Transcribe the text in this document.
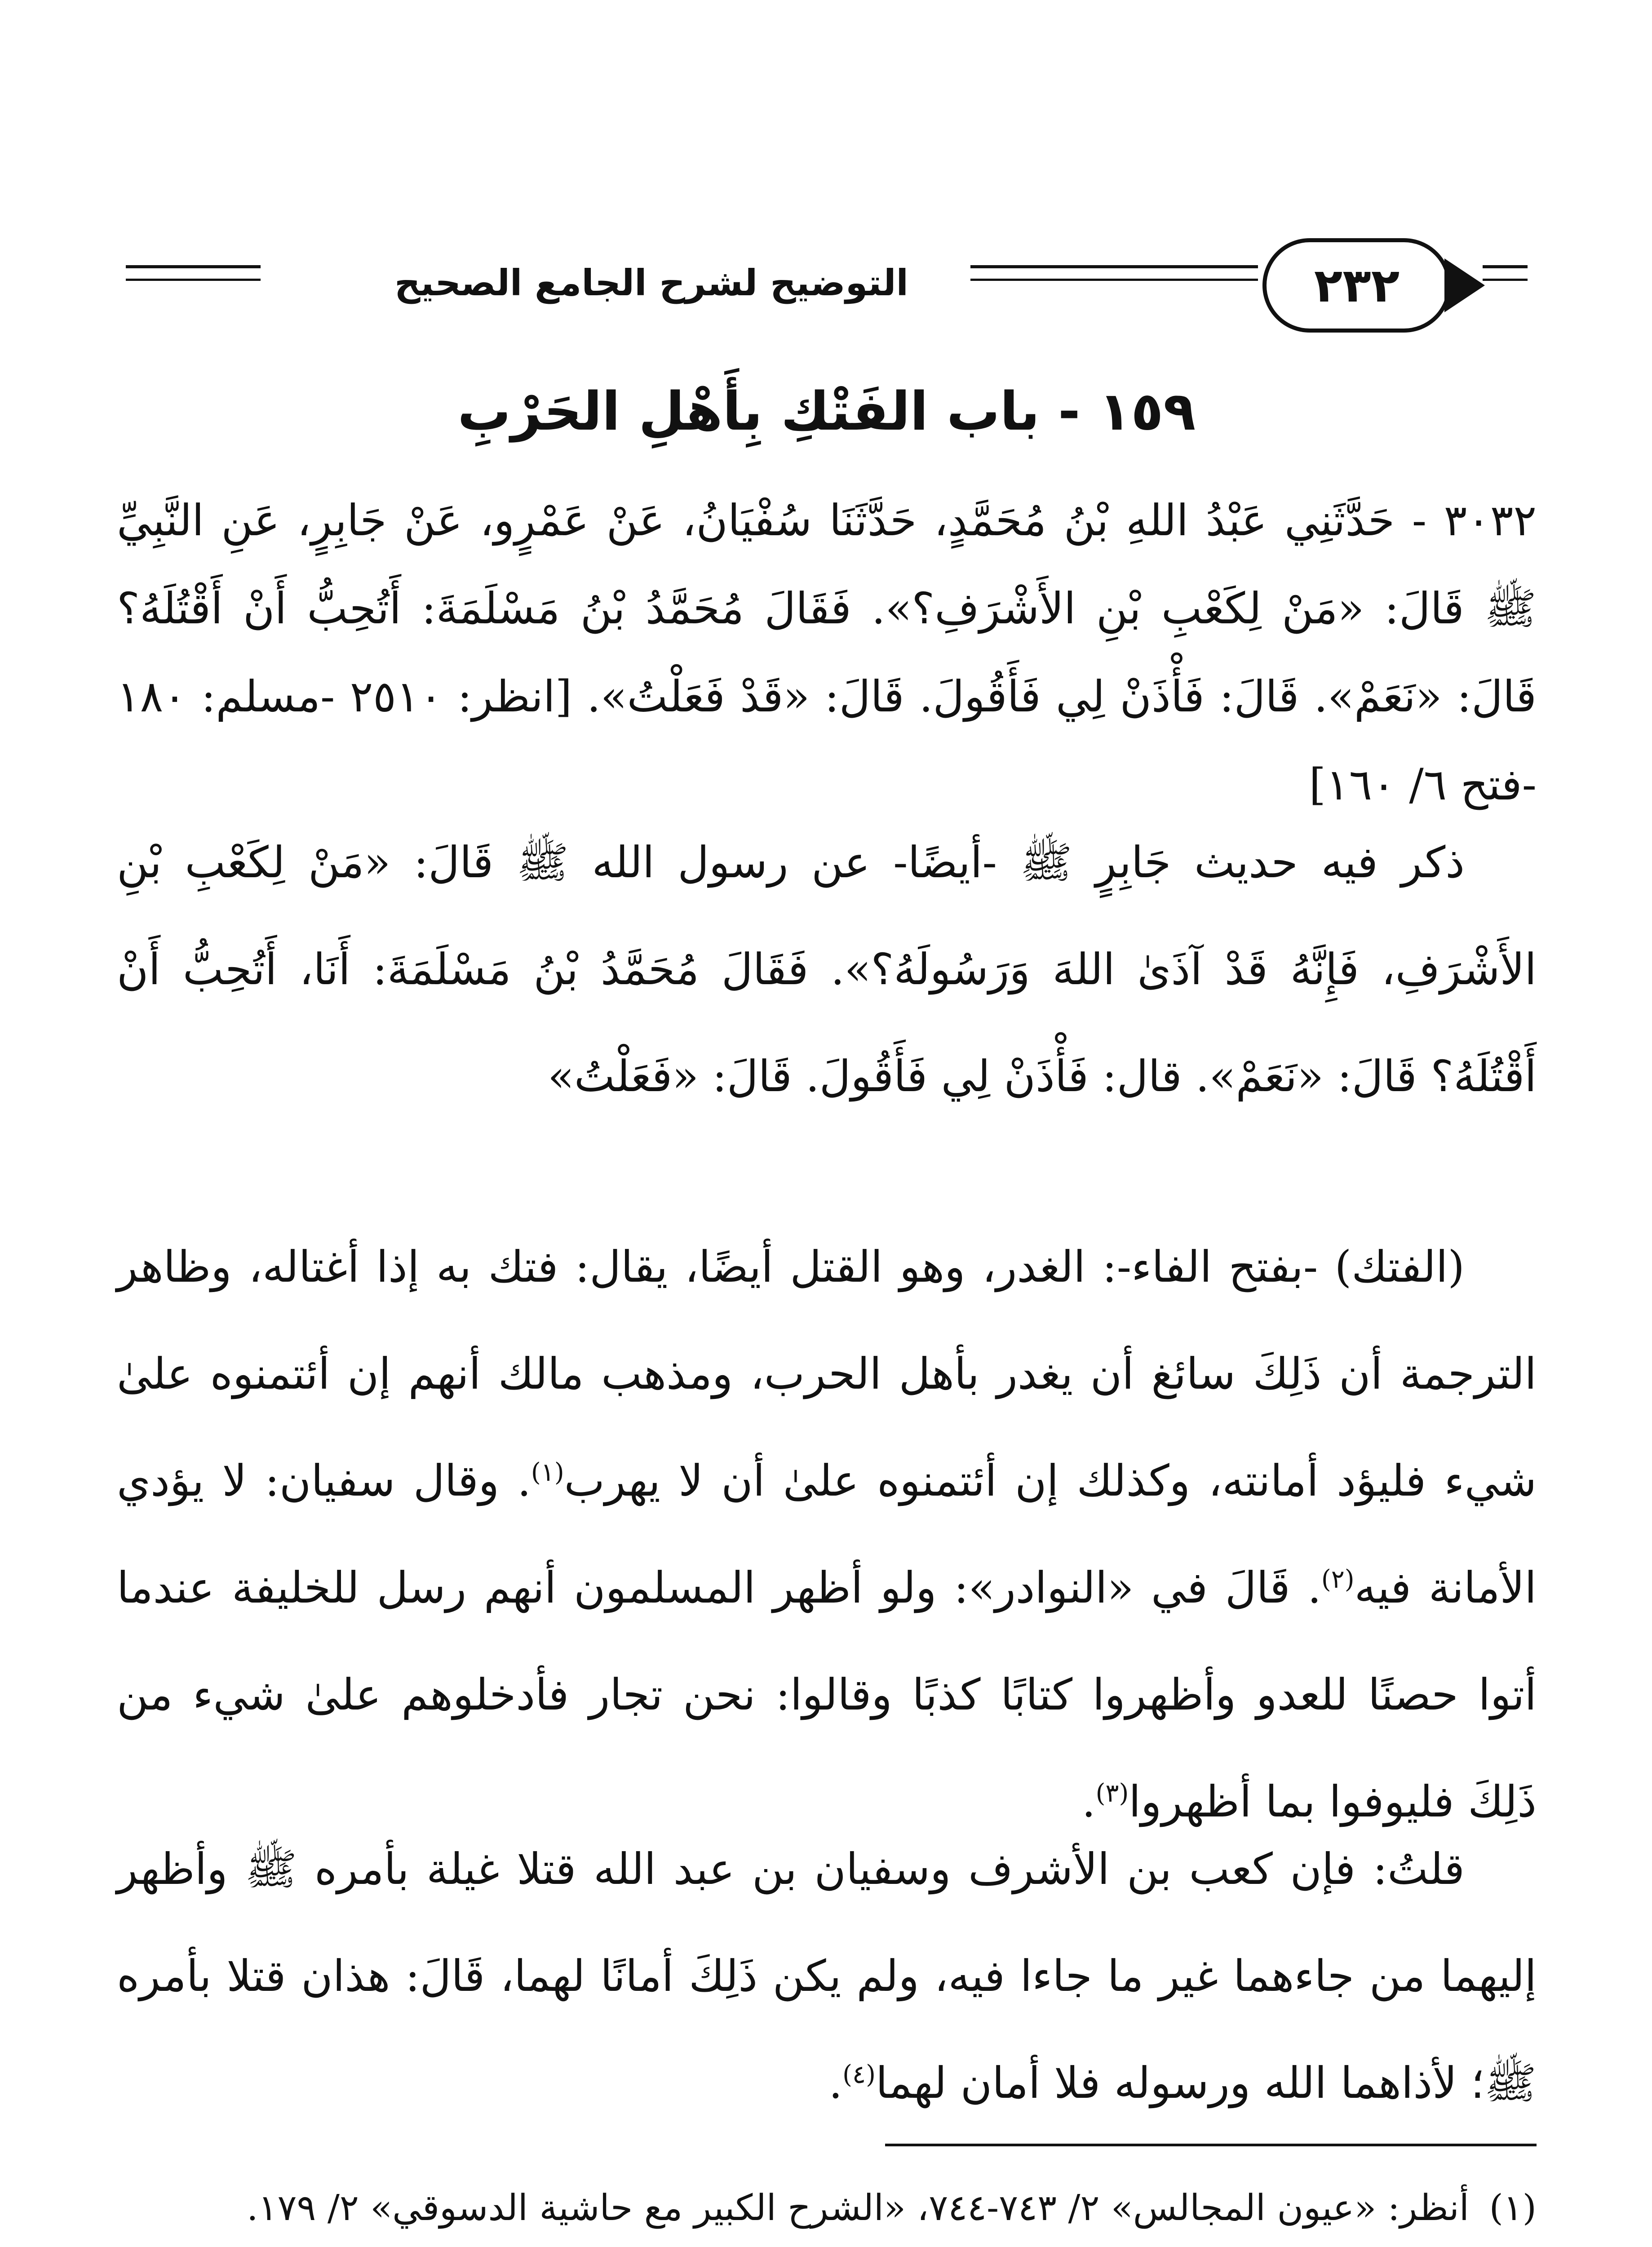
التوضيح لشرح الجامع الصحيح	٢٣٢
١٥٩ - باب الفَتْكِ بِأَهْلِ الحَرْبِ
٣٠٣٢ - حَدَّثَنِي عَبْدُ اللهِ بْنُ مُحَمَّدٍ، حَدَّثَنَا سُفْيَانُ، عَنْ عَمْرٍو، عَنْ جَابِرٍ، عَنِ النَّبِيِّ ﷺ قَالَ: «مَنْ لِكَعْبِ بْنِ الأَشْرَفِ؟». فَقَالَ مُحَمَّدُ بْنُ مَسْلَمَةَ: أَتُحِبُّ أَنْ أَقْتُلَهُ؟ قَالَ: «نَعَمْ». قَالَ: فَأْذَنْ لِي فَأَقُولَ. قَالَ: «قَدْ فَعَلْتُ». [انظر: ٢٥١٠ -مسلم: ١٨٠ -فتح ٦/ ١٦٠]
ذكر فيه حديث جَابِرٍ ﷺ -أيضًا- عن رسول الله ﷺ قَالَ: «مَنْ لِكَعْبِ بْنِ الأَشْرَفِ، فَإِنَّهُ قَدْ آذَىٰ اللهَ وَرَسُولَهُ؟». فَقَالَ مُحَمَّدُ بْنُ مَسْلَمَةَ: أَنَا، أَتُحِبُّ أَنْ أَقْتُلَهُ؟ قَالَ: «نَعَمْ». قال: فَأْذَنْ لِي فَأَقُولَ. قَالَ: «فَعَلْتُ»
(الفتك) -بفتح الفاء-: الغدر، وهو القتل أيضًا، يقال: فتك به إذا أغتاله، وظاهر الترجمة أن ذَلِكَ سائغ أن يغدر بأهل الحرب، ومذهب مالك أنهم إن أئتمنوه علىٰ شيء فليؤد أمانته، وكذلك إن أئتمنوه علىٰ أن لا يهرب$^{(١)}$. وقال سفيان: لا يؤدي الأمانة فيه$^{(٢)}$. قَالَ في «النوادر»: ولو أظهر المسلمون أنهم رسل للخليفة عندما أتوا حصنًا للعدو وأظهروا كتابًا كذبًا وقالوا: نحن تجار فأدخلوهم علىٰ شيء من ذَلِكَ فليوفوا بما أظهروا$^{(٣)}$.
قلتُ: فإن كعب بن الأشرف وسفيان بن عبد الله قتلا غيلة بأمره ﷺ وأظهر إليهما من جاءهما غير ما جاءا فيه، ولم يكن ذَلِكَ أمانًا لهما، قَالَ: هذان قتلا بأمره ﷺ؛ لأذاهما الله ورسوله فلا أمان لهما$^{(٤)}$.
(١)أنظر: «عيون المجالس» ٢/ ٧٤٣-٧٤٤، «الشرح الكبير مع حاشية الدسوقي» ٢/ ١٧٩.
